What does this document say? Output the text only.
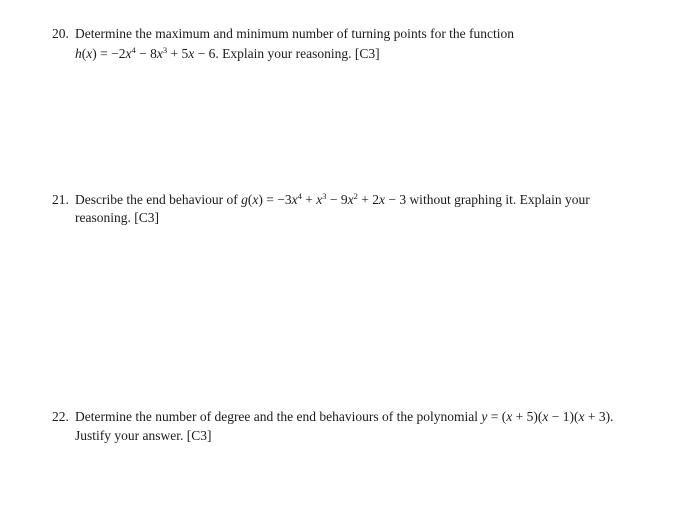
20. Determine the maximum and minimum number of turning points for the function
$h(x) = -2x^4 - 8x^3 + 5x - 6$. Explain your reasoning. [C3]
21. Describe the end behaviour of $g(x) = -3x^4 + x^3 - 9x^2 + 2x - 3$ without graphing it. Explain your
reasoning. [C3]
22. Determine the number of degree and the end behaviours of the polynomial y = (x + 5)(x − 1)(x + 3).
Justify your answer. [C3]
